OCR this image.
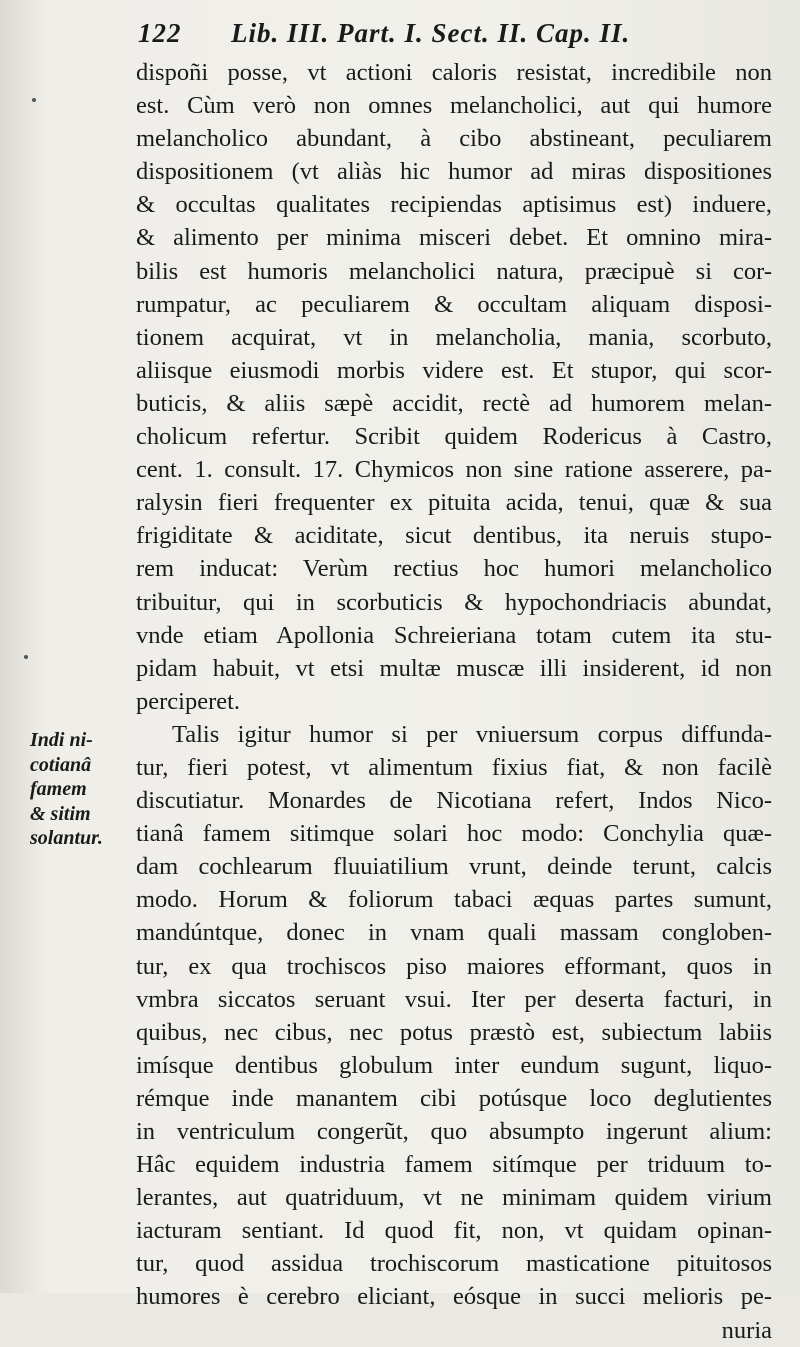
122 Lib. III. Part. I. Sect. II. Cap. II.
Indi ni-
cotianâ
famem
& sitim
solantur.
dispoñi posse, vt actioni caloris resistat, incredibile non
est. Cùm verò non omnes melancholici, aut qui humore
melancholico abundant, à cibo abstineant, peculiarem
dispositionem (vt aliàs hic humor ad miras dispositiones
& occultas qualitates recipiendas aptisimus est) induere,
& alimento per minima misceri debet. Et omnino mira-
bilis est humoris melancholici natura, præcipuè si cor-
rumpatur, ac peculiarem & occultam aliquam disposi-
tionem acquirat, vt in melancholia, mania, scorbuto,
aliisque eiusmodi morbis videre est. Et stupor, qui scor-
buticis, & aliis sæpè accidit, rectè ad humorem melan-
cholicum refertur. Scribit quidem Rodericus à Castro,
cent. 1. consult. 17. Chymicos non sine ratione asserere, pa-
ralysin fieri frequenter ex pituita acida, tenui, quæ & sua
frigiditate & aciditate, sicut dentibus, ita neruis stupo-
rem inducat: Verùm rectius hoc humori melancholico
tribuitur, qui in scorbuticis & hypochondriacis abundat,
vnde etiam Apollonia Schreieriana totam cutem ita stu-
pidam habuit, vt etsi multæ muscæ illi insiderent, id non
perciperet.
Talis igitur humor si per vniuersum corpus diffunda-
tur, fieri potest, vt alimentum fixius fiat, & non facilè
discutiatur. Monardes de Nicotiana refert, Indos Nico-
tianâ famem sitimque solari hoc modo: Conchylia quæ-
dam cochlearum fluuiatilium vrunt, deinde terunt, calcis
modo. Horum & foliorum tabaci æquas partes sumunt,
mandúntque, donec in vnam quali massam congloben-
tur, ex qua trochiscos piso maiores efformant, quos in
vmbra siccatos seruant vsui. Iter per deserta facturi, in
quibus, nec cibus, nec potus præstò est, subiectum labiis
imísque dentibus globulum inter eundum sugunt, liquo-
rémque inde manantem cibi potúsque loco deglutientes
in ventriculum congerũt, quo absumpto ingerunt alium:
Hâc equidem industria famem sitímque per triduum to-
lerantes, aut quatriduum, vt ne minimam quidem virium
iacturam sentiant. Id quod fit, non, vt quidam opinan-
tur, quod assidua trochiscorum masticatione pituitosos
humores è cerebro eliciant, eósque in succi melioris pe-
nuria
